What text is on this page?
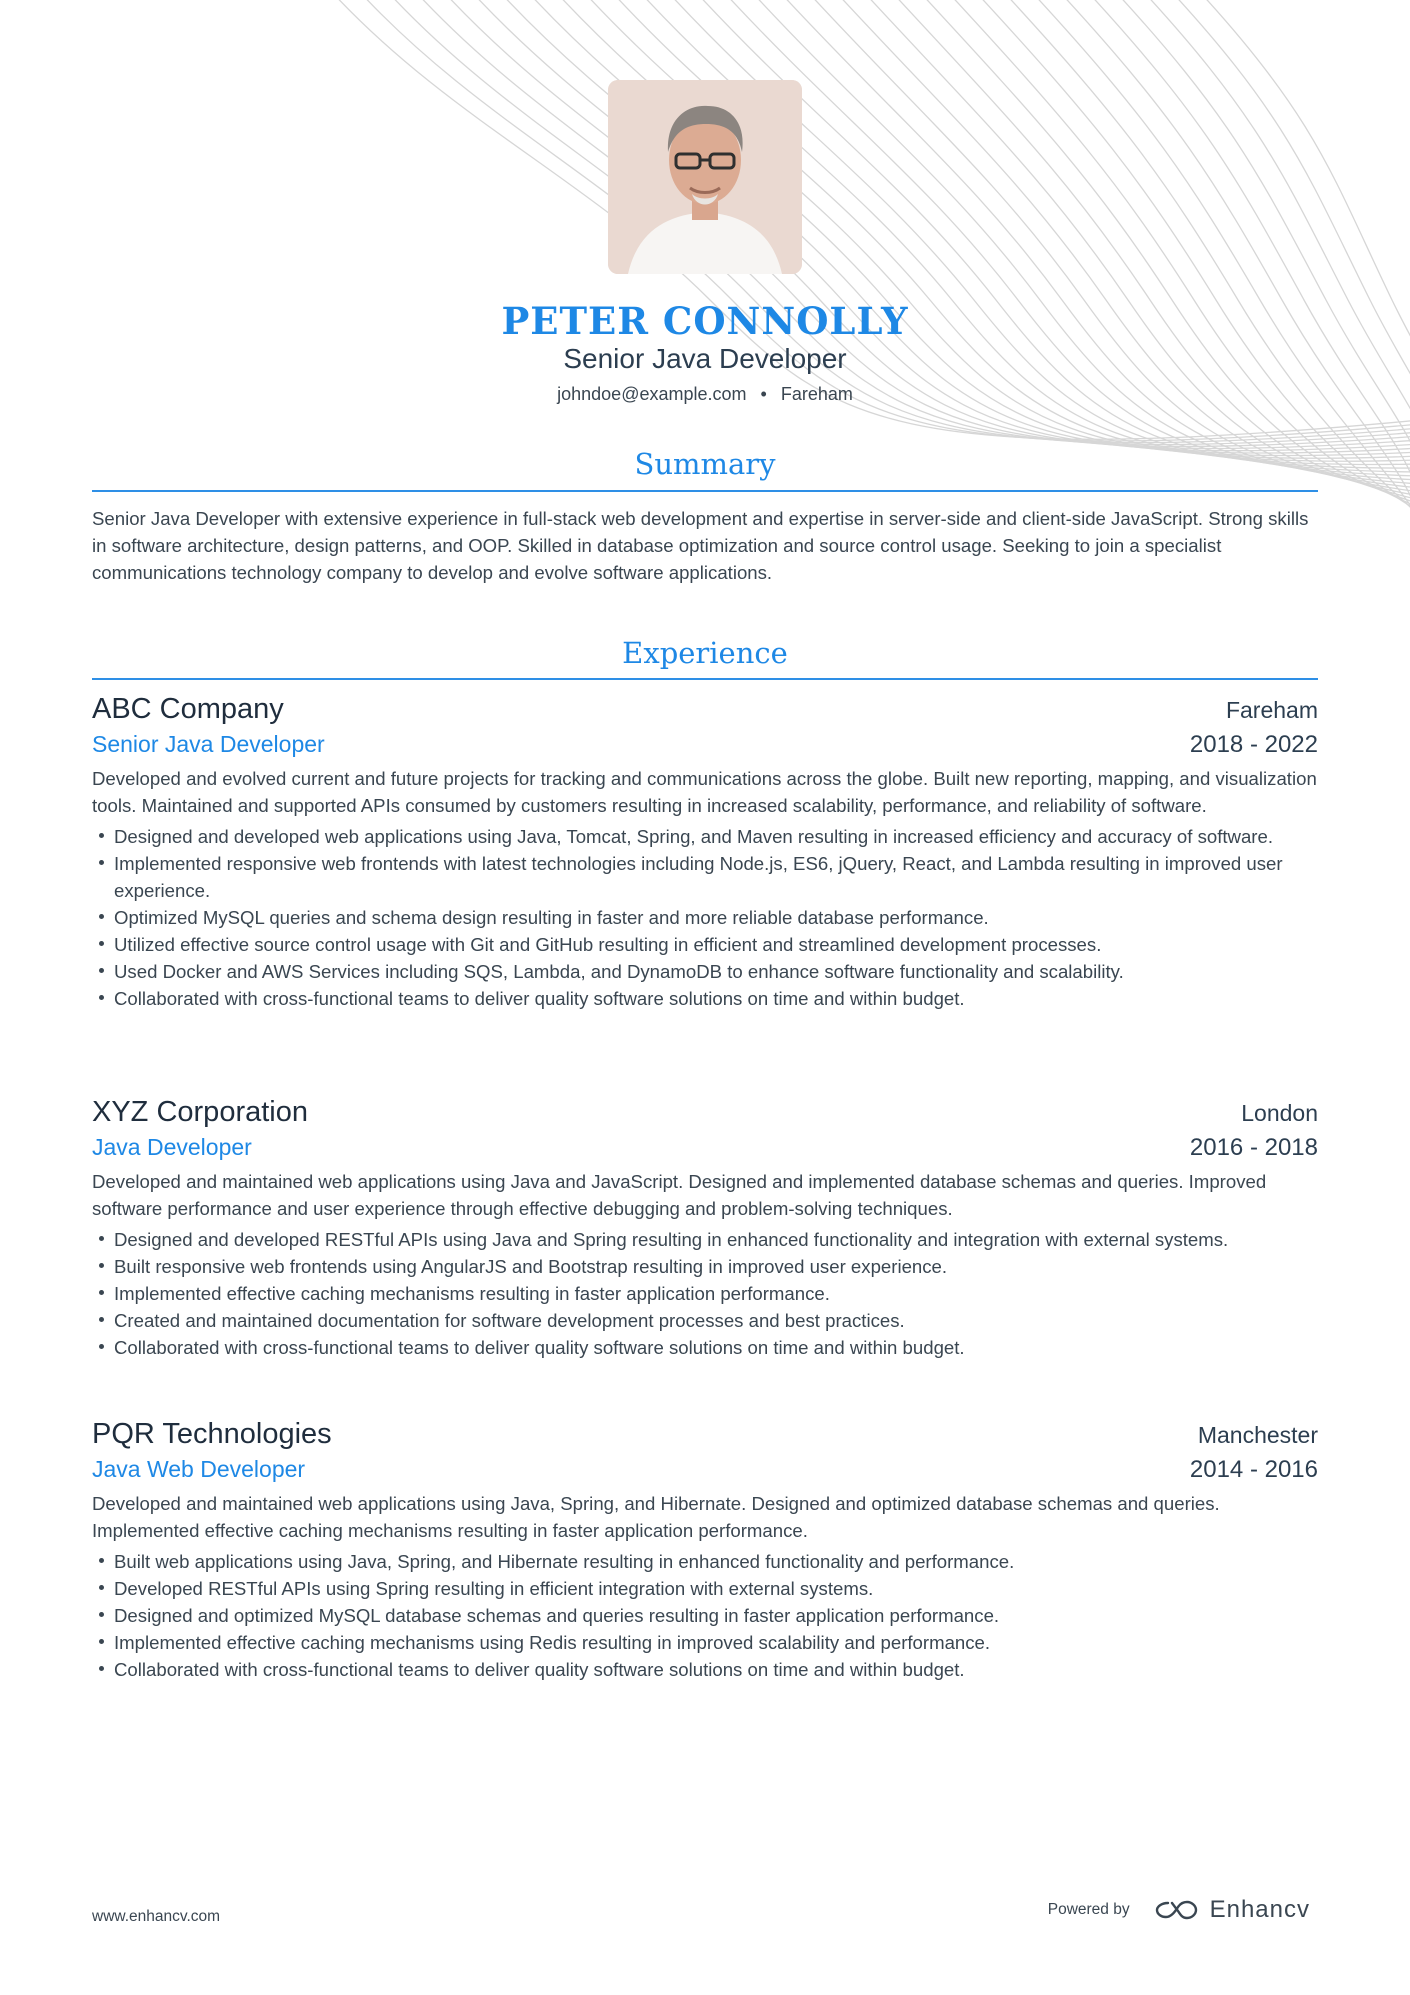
PETER CONNOLLY
Senior Java Developer
johndoe@example.com • Fareham
Summary
Senior Java Developer with extensive experience in full-stack web development and expertise in server-side and client-side JavaScript. Strong skills in software architecture, design patterns, and OOP. Skilled in database optimization and source control usage. Seeking to join a specialist communications technology company to develop and evolve software applications.
Experience
ABC Company	Fareham
Senior Java Developer	2018 - 2022
Developed and evolved current and future projects for tracking and communications across the globe. Built new reporting, mapping, and visualization tools. Maintained and supported APIs consumed by customers resulting in increased scalability, performance, and reliability of software.
Designed and developed web applications using Java, Tomcat, Spring, and Maven resulting in increased efficiency and accuracy of software.
Implemented responsive web frontends with latest technologies including Node.js, ES6, jQuery, React, and Lambda resulting in improved user experience.
Optimized MySQL queries and schema design resulting in faster and more reliable database performance.
Utilized effective source control usage with Git and GitHub resulting in efficient and streamlined development processes.
Used Docker and AWS Services including SQS, Lambda, and DynamoDB to enhance software functionality and scalability.
Collaborated with cross-functional teams to deliver quality software solutions on time and within budget.
XYZ Corporation	London
Java Developer	2016 - 2018
Developed and maintained web applications using Java and JavaScript. Designed and implemented database schemas and queries. Improved software performance and user experience through effective debugging and problem-solving techniques.
Designed and developed RESTful APIs using Java and Spring resulting in enhanced functionality and integration with external systems.
Built responsive web frontends using AngularJS and Bootstrap resulting in improved user experience.
Implemented effective caching mechanisms resulting in faster application performance.
Created and maintained documentation for software development processes and best practices.
Collaborated with cross-functional teams to deliver quality software solutions on time and within budget.
PQR Technologies	Manchester
Java Web Developer	2014 - 2016
Developed and maintained web applications using Java, Spring, and Hibernate. Designed and optimized database schemas and queries. Implemented effective caching mechanisms resulting in faster application performance.
Built web applications using Java, Spring, and Hibernate resulting in enhanced functionality and performance.
Developed RESTful APIs using Spring resulting in efficient integration with external systems.
Designed and optimized MySQL database schemas and queries resulting in faster application performance.
Implemented effective caching mechanisms using Redis resulting in improved scalability and performance.
Collaborated with cross-functional teams to deliver quality software solutions on time and within budget.
www.enhancv.com	Powered by	Enhancv
